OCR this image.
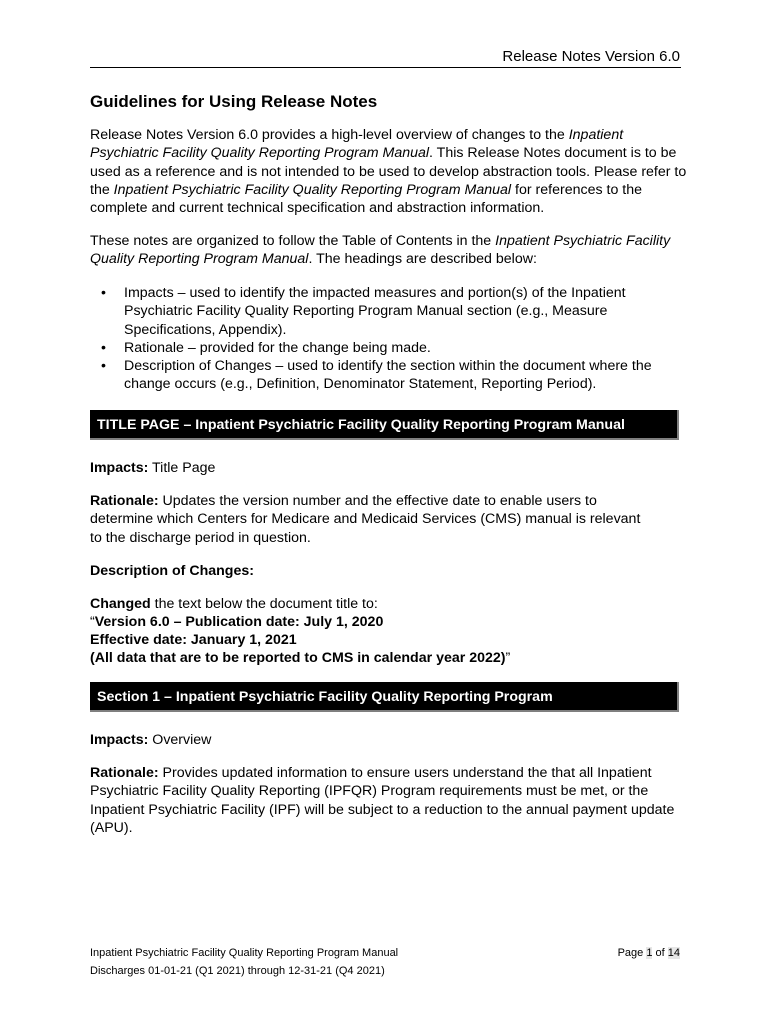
Release Notes Version 6.0
Guidelines for Using Release Notes
Release Notes Version 6.0 provides a high-level overview of changes to the Inpatient Psychiatric Facility Quality Reporting Program Manual. This Release Notes document is to be used as a reference and is not intended to be used to develop abstraction tools. Please refer to the Inpatient Psychiatric Facility Quality Reporting Program Manual for references to the complete and current technical specification and abstraction information.
These notes are organized to follow the Table of Contents in the Inpatient Psychiatric Facility Quality Reporting Program Manual. The headings are described below:
• Impacts – used to identify the impacted measures and portion(s) of the Inpatient Psychiatric Facility Quality Reporting Program Manual section (e.g., Measure Specifications, Appendix).
• Rationale – provided for the change being made.
• Description of Changes – used to identify the section within the document where the change occurs (e.g., Definition, Denominator Statement, Reporting Period).
TITLE PAGE – Inpatient Psychiatric Facility Quality Reporting Program Manual
Impacts: Title Page
Rationale: Updates the version number and the effective date to enable users to determine which Centers for Medicare and Medicaid Services (CMS) manual is relevant to the discharge period in question.
Description of Changes:
Changed the text below the document title to:
“Version 6.0 – Publication date: July 1, 2020
Effective date: January 1, 2021
(All data that are to be reported to CMS in calendar year 2022)”
Section 1 – Inpatient Psychiatric Facility Quality Reporting Program
Impacts: Overview
Rationale: Provides updated information to ensure users understand the that all Inpatient Psychiatric Facility Quality Reporting (IPFQR) Program requirements must be met, or the Inpatient Psychiatric Facility (IPF) will be subject to a reduction to the annual payment update (APU).
Inpatient Psychiatric Facility Quality Reporting Program Manual
Discharges 01-01-21 (Q1 2021) through 12-31-21 (Q4 2021)
Page 1 of 14
